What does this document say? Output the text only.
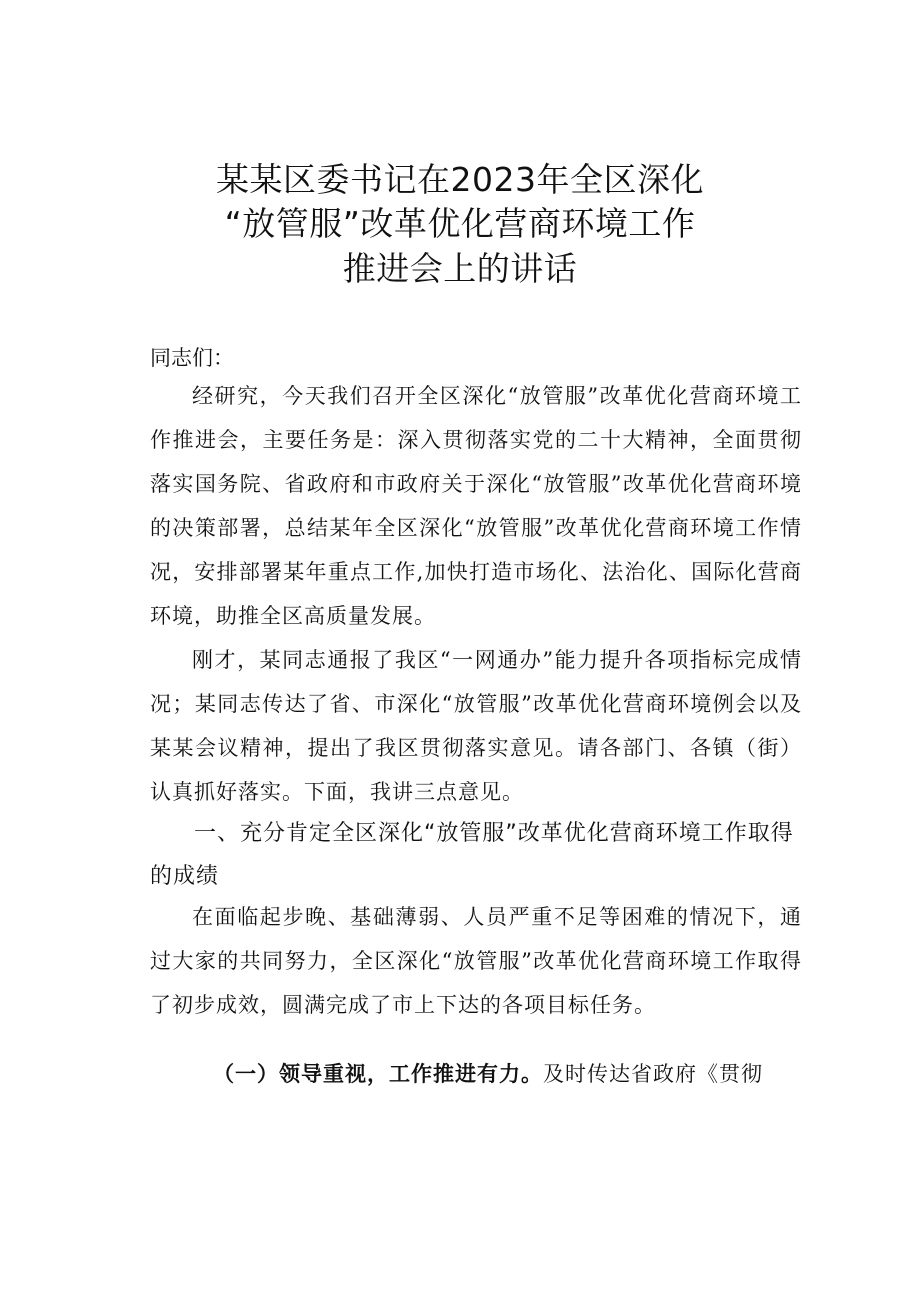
某某区委书记在2023年全区深化
“放管服”改革优化营商环境工作
推进会上的讲话
同志们：
经研究，今天我们召开全区深化“放管服”改革优化营商环境工作推进会，主要任务是：深入贯彻落实党的二十大精神，全面贯彻落实国务院、省政府和市政府关于深化“放管服”改革优化营商环境的决策部署，总结某年全区深化“放管服”改革优化营商环境工作情况，安排部署某年重点工作,加快打造市场化、法治化、国际化营商环境，助推全区高质量发展。
刚才，某同志通报了我区“一网通办”能力提升各项指标完成情况；某同志传达了省、市深化“放管服”改革优化营商环境例会以及某某会议精神，提出了我区贯彻落实意见。请各部门、各镇（街）认真抓好落实。下面，我讲三点意见。
一、充分肯定全区深化“放管服”改革优化营商环境工作取得的成绩
在面临起步晚、基础薄弱、人员严重不足等困难的情况下，通过大家的共同努力，全区深化“放管服”改革优化营商环境工作取得了初步成效，圆满完成了市上下达的各项目标任务。
（一）领导重视，工作推进有力。及时传达省政府《贯彻
